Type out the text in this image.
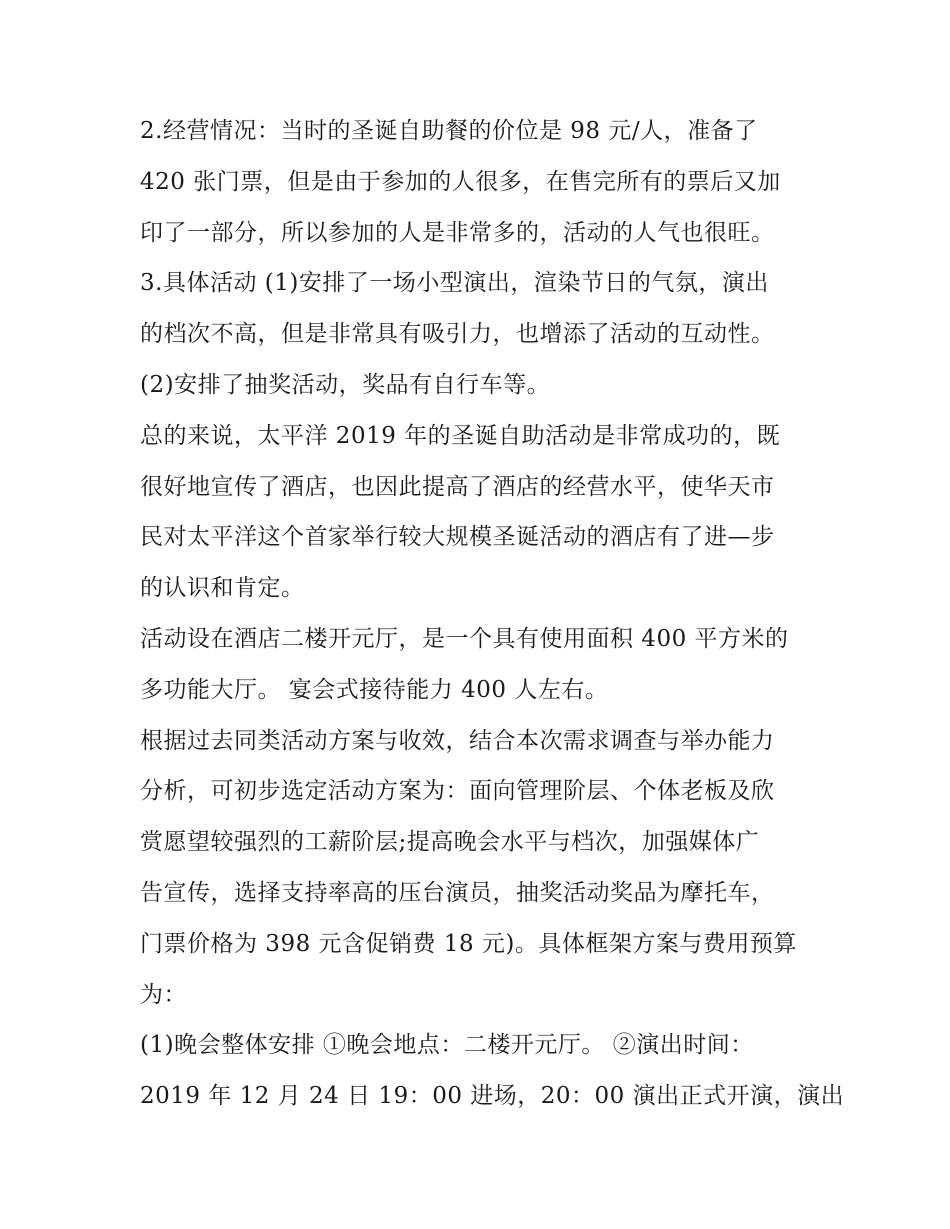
2.经营情况：当时的圣诞自助餐的价位是 98 元/人，准备了
420 张门票，但是由于参加的人很多，在售完所有的票后又加
印了一部分，所以参加的人是非常多的，活动的人气也很旺。
3.具体活动 (1)安排了一场小型演出，渲染节日的气氛，演出
的档次不高，但是非常具有吸引力，也增添了活动的互动性。
(2)安排了抽奖活动，奖品有自行车等。
总的来说，太平洋 2019 年的圣诞自助活动是非常成功的，既
很好地宣传了酒店，也因此提高了酒店的经营水平，使华天市
民对太平洋这个首家举行较大规模圣诞活动的酒店有了进—步
的认识和肯定。
活动设在酒店二楼开元厅，是一个具有使用面积 400 平方米的
多功能大厅。 宴会式接待能力 400 人左右。
根据过去同类活动方案与收效，结合本次需求调查与举办能力
分析，可初步选定活动方案为：面向管理阶层、个体老板及欣
赏愿望较强烈的工薪阶层;提高晚会水平与档次，加强媒体广
告宣传，选择支持率高的压台演员，抽奖活动奖品为摩托车，
门票价格为 398 元含促销费 18 元)。具体框架方案与费用预算
为：
(1)晚会整体安排 ①晚会地点：二楼开元厅。 ②演出时间：
2019 年 12 月 24 日 19：00 进场，20：00 演出正式开演，演出
